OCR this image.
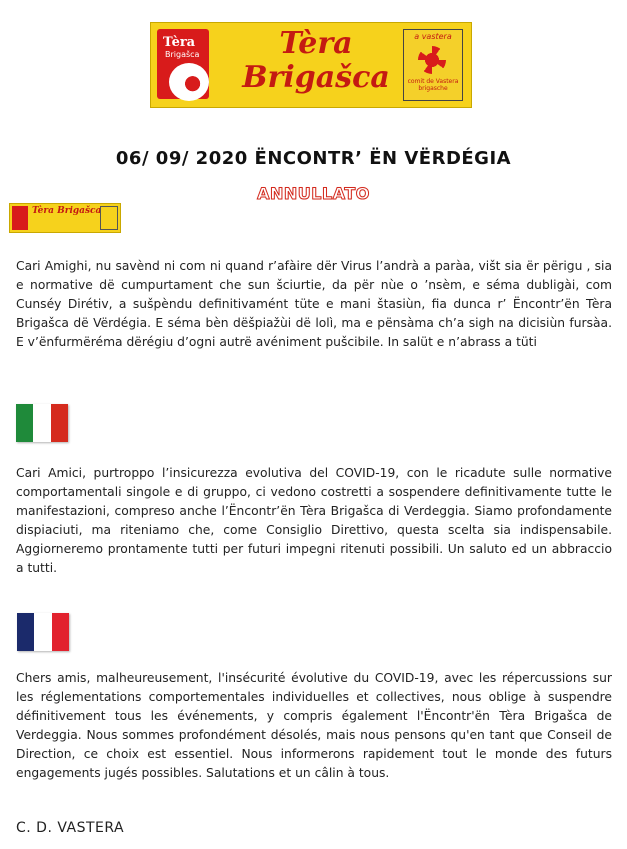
Tèra
Brigašca	Tèra
Brigašca
a vastera
comit de Vastera brigasche
06/ 09/ 2020 ËNCONTR’ ËN VËRDÉGIA
ANNULLATO
Tèra Brigašca
Cari Amighi, nu savènd ni com ni quand r’afàire dër Virus l’andrà a paràa, višt sia ër përigu , sia e normative dë cumpurtament che sun šciurtie, da për nùe o ’nsèm, e séma dubligài, com Cunséy Dirétiv, a sušpèndu definitivamént tüte e mani štasiùn, fia dunca r’ Ëncontr’ën Tèra Brigašca dë Vërdégia. E séma bèn dëšpiažùi dë lolì, ma e pënsàma ch’a sigh na dicisiùn fursàa. E v’ënfurmëréma dërégiu d’ogni autrë avéniment pušcibile. In salüt e n’abrass a tüti
Cari Amici, purtroppo l’insicurezza evolutiva del COVID-19, con le ricadute sulle normative comportamentali singole e di gruppo, ci vedono costretti a sospendere definitivamente tutte le manifestazioni, compreso anche l’Ëncontr’ën Tèra Brigašca di Verdeggia. Siamo profondamente dispiaciuti, ma riteniamo che, come Consiglio Direttivo, questa scelta sia indispensabile. Aggiorneremo prontamente tutti per futuri impegni ritenuti possibili. Un saluto ed un abbraccio a tutti.
Chers amis, malheureusement, l'insécurité évolutive du COVID-19, avec les répercussions sur les réglementations comportementales individuelles et collectives, nous oblige à suspendre définitivement tous les événements, y compris également l'Ëncontr'ën Tèra Brigašca de Verdeggia. Nous sommes profondément désolés, mais nous pensons qu'en tant que Conseil de Direction, ce choix est essentiel. Nous informerons rapidement tout le monde des futurs engagements jugés possibles. Salutations et un câlin à tous.
C. D. VASTERA
